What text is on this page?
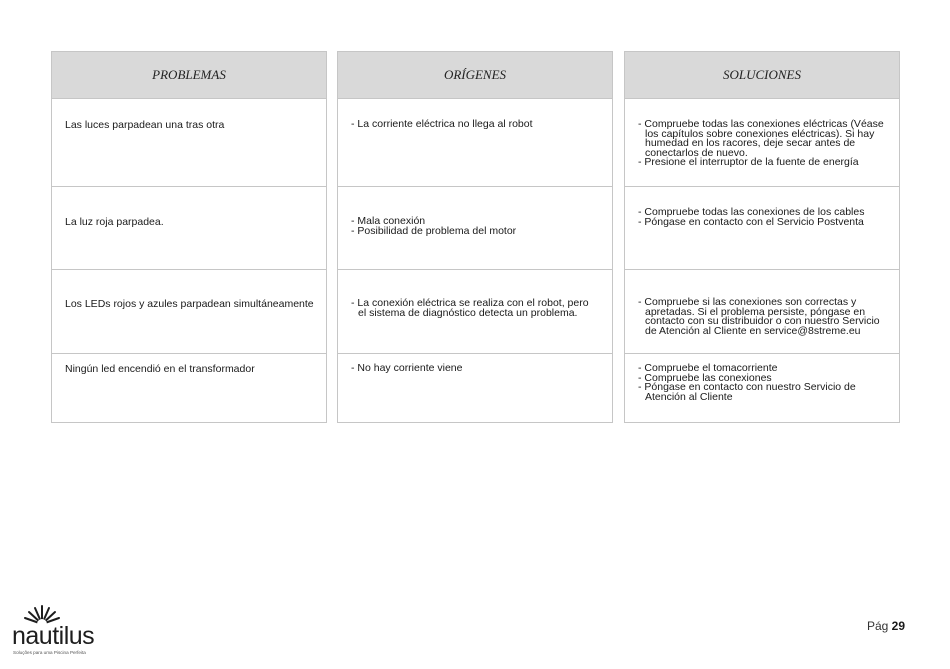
PROBLEMAS
Las luces parpadean una tras otra
La luz roja parpadea.
Los LEDs rojos y azules parpadean simultáneamente
Ningún led encendió en el transformador
ORÍGENES
- La corriente eléctrica no llega al robot
- Mala conexión
- Posibilidad de problema del motor
- La conexión eléctrica se realiza con el robot, pero
el sistema de diagnóstico detecta un problema.
- No hay corriente viene
SOLUCIONES
- Compruebe todas las conexiones eléctricas (Véase
los capítulos sobre conexiones eléctricas). Si hay
humedad en los racores, deje secar antes de
conectarlos de nuevo.
- Presione el interruptor de la fuente de energía
- Compruebe todas las conexiones de los cables
- Póngase en contacto con el Servicio Postventa
- Compruebe si las conexiones son correctas y
apretadas. Si el problema persiste, póngase en
contacto con su distribuidor o con nuestro Servicio
de Atención al Cliente en service@8streme.eu
- Compruebe el tomacorriente
- Compruebe las conexiones
- Póngase en contacto con nuestro Servicio de
Atención al Cliente
nautilus
Soluções para uma Piscina Perfeita
Pág 29
